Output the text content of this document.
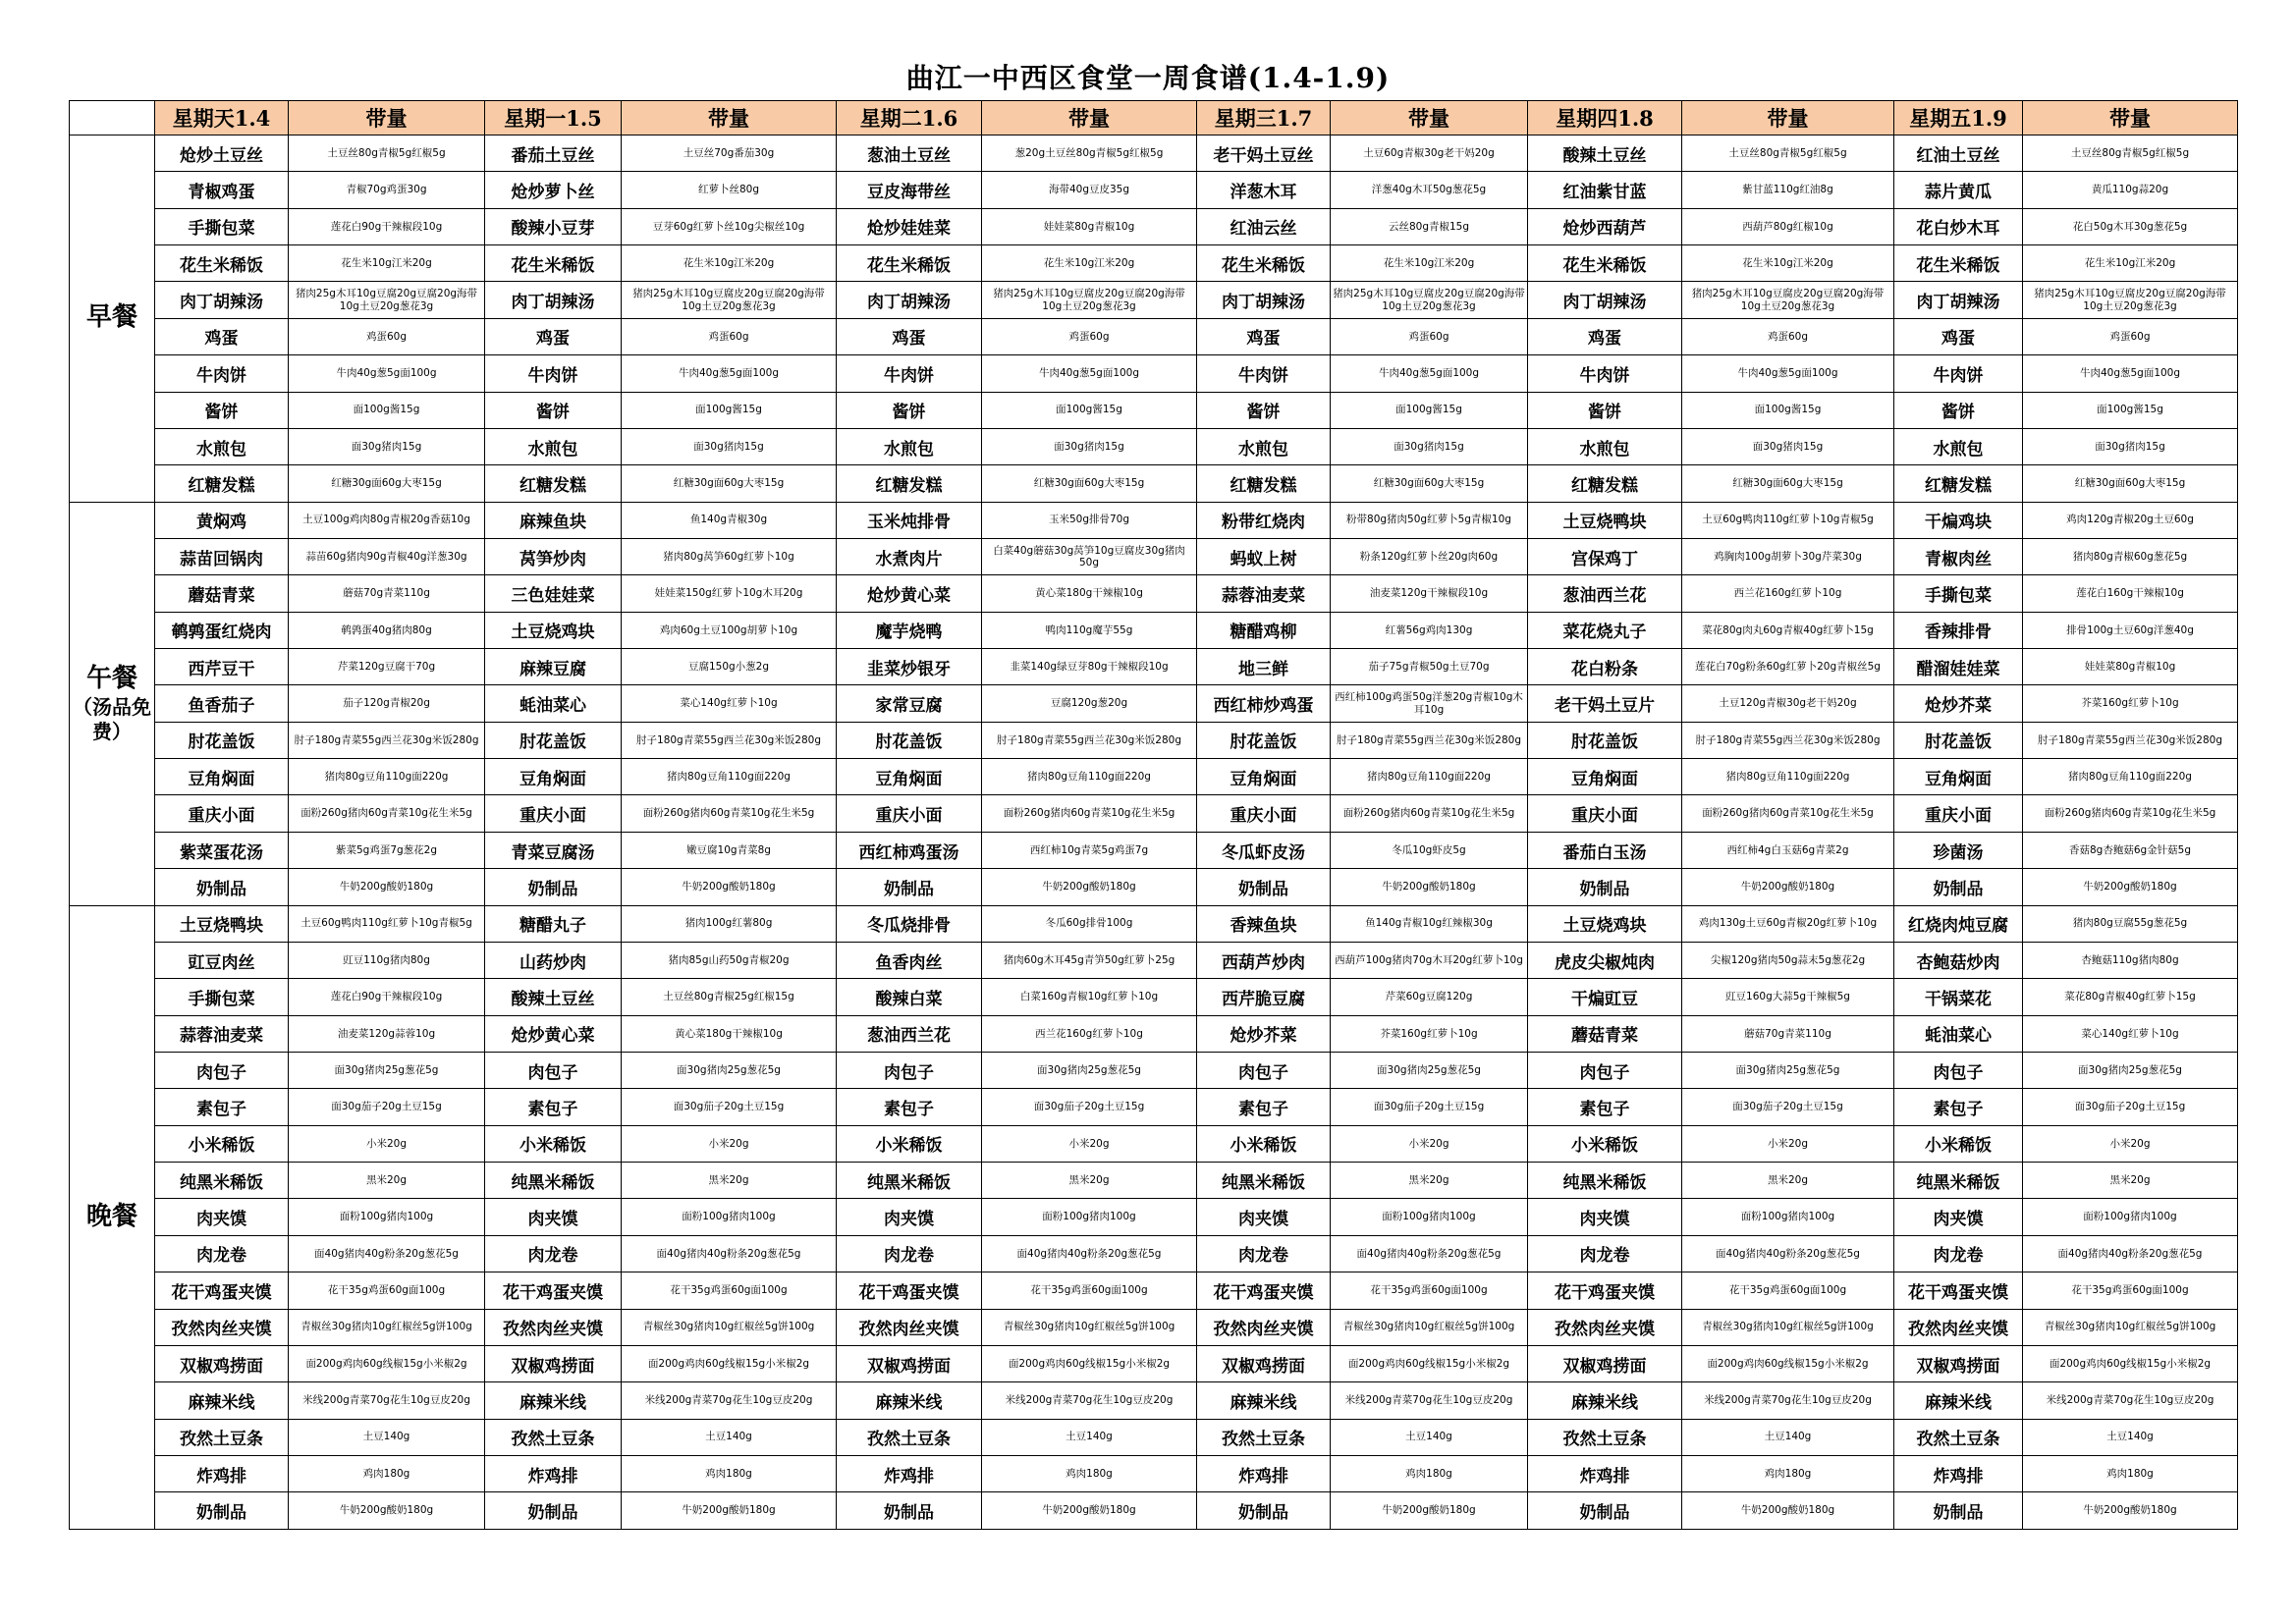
曲江一中西区食堂一周食谱(1.4-1.9)
	星期天1.4	带量	星期一1.5	带量	星期二1.6	带量	星期三1.7	带量	星期四1.8	带量	星期五1.9	带量
早餐	炝炒土豆丝	土豆丝80g青椒5g红椒5g	番茄土豆丝	土豆丝70g番茄30g	葱油土豆丝	葱20g土豆丝80g青椒5g红椒5g	老干妈土豆丝	土豆60g青椒30g老干妈20g	酸辣土豆丝	土豆丝80g青椒5g红椒5g	红油土豆丝	土豆丝80g青椒5g红椒5g
	青椒鸡蛋	青椒70g鸡蛋30g	炝炒萝卜丝	红萝卜丝80g	豆皮海带丝	海带40g豆皮35g	洋葱木耳	洋葱40g木耳50g葱花5g	红油紫甘蓝	紫甘蓝110g红油8g	蒜片黄瓜	黄瓜110g蒜20g
	手撕包菜	莲花白90g干辣椒段10g	酸辣小豆芽	豆芽60g红萝卜丝10g尖椒丝10g	炝炒娃娃菜	娃娃菜80g青椒10g	红油云丝	云丝80g青椒15g	炝炒西葫芦	西葫芦80g红椒10g	花白炒木耳	花白50g木耳30g葱花5g
	花生米稀饭	花生米10g江米20g	花生米稀饭	花生米10g江米20g	花生米稀饭	花生米10g江米20g	花生米稀饭	花生米10g江米20g	花生米稀饭	花生米10g江米20g	花生米稀饭	花生米10g江米20g
	肉丁胡辣汤	猪肉25g木耳10g豆腐20g豆腐20g海带10g土豆20g葱花3g	肉丁胡辣汤	猪肉25g木耳10g豆腐皮20g豆腐20g海带10g土豆20g葱花3g	肉丁胡辣汤	猪肉25g木耳10g豆腐皮20g豆腐20g海带10g土豆20g葱花3g	肉丁胡辣汤	猪肉25g木耳10g豆腐皮20g豆腐20g海带10g土豆20g葱花3g	肉丁胡辣汤	猪肉25g木耳10g豆腐皮20g豆腐20g海带10g土豆20g葱花3g	肉丁胡辣汤	猪肉25g木耳10g豆腐皮20g豆腐20g海带10g土豆20g葱花3g
	鸡蛋	鸡蛋60g	鸡蛋	鸡蛋60g	鸡蛋	鸡蛋60g	鸡蛋	鸡蛋60g	鸡蛋	鸡蛋60g	鸡蛋	鸡蛋60g
	牛肉饼	牛肉40g葱5g面100g	牛肉饼	牛肉40g葱5g面100g	牛肉饼	牛肉40g葱5g面100g	牛肉饼	牛肉40g葱5g面100g	牛肉饼	牛肉40g葱5g面100g	牛肉饼	牛肉40g葱5g面100g
	酱饼	面100g酱15g	酱饼	面100g酱15g	酱饼	面100g酱15g	酱饼	面100g酱15g	酱饼	面100g酱15g	酱饼	面100g酱15g
	水煎包	面30g猪肉15g	水煎包	面30g猪肉15g	水煎包	面30g猪肉15g	水煎包	面30g猪肉15g	水煎包	面30g猪肉15g	水煎包	面30g猪肉15g
	红糖发糕	红糖30g面60g大枣15g	红糖发糕	红糖30g面60g大枣15g	红糖发糕	红糖30g面60g大枣15g	红糖发糕	红糖30g面60g大枣15g	红糖发糕	红糖30g面60g大枣15g	红糖发糕	红糖30g面60g大枣15g
午餐
（汤品免费）	黄焖鸡	土豆100g鸡肉80g青椒20g香菇10g	麻辣鱼块	鱼140g青椒30g	玉米炖排骨	玉米50g排骨70g	粉带红烧肉	粉带80g猪肉50g红萝卜5g青椒10g	土豆烧鸭块	土豆60g鸭肉110g红萝卜10g青椒5g	干煸鸡块	鸡肉120g青椒20g土豆60g
	蒜苗回锅肉	蒜苗60g猪肉90g青椒40g洋葱30g	莴笋炒肉	猪肉80g莴笋60g红萝卜10g	水煮肉片	白菜40g蘑菇30g莴笋10g豆腐皮30g猪肉50g	蚂蚁上树	粉条120g红萝卜丝20g肉60g	宫保鸡丁	鸡胸肉100g胡萝卜30g芹菜30g	青椒肉丝	猪肉80g青椒60g葱花5g
	蘑菇青菜	蘑菇70g青菜110g	三色娃娃菜	娃娃菜150g红萝卜10g木耳20g	炝炒黄心菜	黄心菜180g干辣椒10g	蒜蓉油麦菜	油麦菜120g干辣椒段10g	葱油西兰花	西兰花160g红萝卜10g	手撕包菜	莲花白160g干辣椒10g
	鹌鹑蛋红烧肉	鹌鹑蛋40g猪肉80g	土豆烧鸡块	鸡肉60g土豆100g胡萝卜10g	魔芋烧鸭	鸭肉110g魔芋55g	糖醋鸡柳	红薯56g鸡肉130g	菜花烧丸子	菜花80g肉丸60g青椒40g红萝卜15g	香辣排骨	排骨100g土豆60g洋葱40g
	西芹豆干	芹菜120g豆腐干70g	麻辣豆腐	豆腐150g小葱2g	韭菜炒银牙	韭菜140g绿豆芽80g干辣椒段10g	地三鲜	茄子75g青椒50g土豆70g	花白粉条	莲花白70g粉条60g红萝卜20g青椒丝5g	醋溜娃娃菜	娃娃菜80g青椒10g
	鱼香茄子	茄子120g青椒20g	蚝油菜心	菜心140g红萝卜10g	家常豆腐	豆腐120g葱20g	西红柿炒鸡蛋	西红柿100g鸡蛋50g洋葱20g青椒10g木耳10g	老干妈土豆片	土豆120g青椒30g老干妈20g	炝炒芥菜	芥菜160g红萝卜10g
	肘花盖饭	肘子180g青菜55g西兰花30g米饭280g	肘花盖饭	肘子180g青菜55g西兰花30g米饭280g	肘花盖饭	肘子180g青菜55g西兰花30g米饭280g	肘花盖饭	肘子180g青菜55g西兰花30g米饭280g	肘花盖饭	肘子180g青菜55g西兰花30g米饭280g	肘花盖饭	肘子180g青菜55g西兰花30g米饭280g
	豆角焖面	猪肉80g豆角110g面220g	豆角焖面	猪肉80g豆角110g面220g	豆角焖面	猪肉80g豆角110g面220g	豆角焖面	猪肉80g豆角110g面220g	豆角焖面	猪肉80g豆角110g面220g	豆角焖面	猪肉80g豆角110g面220g
	重庆小面	面粉260g猪肉60g青菜10g花生米5g	重庆小面	面粉260g猪肉60g青菜10g花生米5g	重庆小面	面粉260g猪肉60g青菜10g花生米5g	重庆小面	面粉260g猪肉60g青菜10g花生米5g	重庆小面	面粉260g猪肉60g青菜10g花生米5g	重庆小面	面粉260g猪肉60g青菜10g花生米5g
	紫菜蛋花汤	紫菜5g鸡蛋7g葱花2g	青菜豆腐汤	嫩豆腐10g青菜8g	西红柿鸡蛋汤	西红柿10g青菜5g鸡蛋7g	冬瓜虾皮汤	冬瓜10g虾皮5g	番茄白玉汤	西红柿4g白玉菇6g青菜2g	珍菌汤	香菇8g杏鲍菇6g金针菇5g
	奶制品	牛奶200g酸奶180g	奶制品	牛奶200g酸奶180g	奶制品	牛奶200g酸奶180g	奶制品	牛奶200g酸奶180g	奶制品	牛奶200g酸奶180g	奶制品	牛奶200g酸奶180g
晚餐	土豆烧鸭块	土豆60g鸭肉110g红萝卜10g青椒5g	糖醋丸子	猪肉100g红薯80g	冬瓜烧排骨	冬瓜60g排骨100g	香辣鱼块	鱼140g青椒10g红辣椒30g	土豆烧鸡块	鸡肉130g土豆60g青椒20g红萝卜10g	红烧肉炖豆腐	猪肉80g豆腐55g葱花5g
	豇豆肉丝	豇豆110g猪肉80g	山药炒肉	猪肉85g山药50g青椒20g	鱼香肉丝	猪肉60g木耳45g青笋50g红萝卜25g	西葫芦炒肉	西葫芦100g猪肉70g木耳20g红萝卜10g	虎皮尖椒炖肉	尖椒120g猪肉50g蒜末5g葱花2g	杏鲍菇炒肉	杏鲍菇110g猪肉80g
	手撕包菜	莲花白90g干辣椒段10g	酸辣土豆丝	土豆丝80g青椒25g红椒15g	酸辣白菜	白菜160g青椒10g红萝卜10g	西芹脆豆腐	芹菜60g豆腐120g	干煸豇豆	豇豆160g大蒜5g干辣椒5g	干锅菜花	菜花80g青椒40g红萝卜15g
	蒜蓉油麦菜	油麦菜120g蒜蓉10g	炝炒黄心菜	黄心菜180g干辣椒10g	葱油西兰花	西兰花160g红萝卜10g	炝炒芥菜	芥菜160g红萝卜10g	蘑菇青菜	蘑菇70g青菜110g	蚝油菜心	菜心140g红萝卜10g
	肉包子	面30g猪肉25g葱花5g	肉包子	面30g猪肉25g葱花5g	肉包子	面30g猪肉25g葱花5g	肉包子	面30g猪肉25g葱花5g	肉包子	面30g猪肉25g葱花5g	肉包子	面30g猪肉25g葱花5g
	素包子	面30g茄子20g土豆15g	素包子	面30g茄子20g土豆15g	素包子	面30g茄子20g土豆15g	素包子	面30g茄子20g土豆15g	素包子	面30g茄子20g土豆15g	素包子	面30g茄子20g土豆15g
	小米稀饭	小米20g	小米稀饭	小米20g	小米稀饭	小米20g	小米稀饭	小米20g	小米稀饭	小米20g	小米稀饭	小米20g
	纯黑米稀饭	黑米20g	纯黑米稀饭	黑米20g	纯黑米稀饭	黑米20g	纯黑米稀饭	黑米20g	纯黑米稀饭	黑米20g	纯黑米稀饭	黑米20g
	肉夹馍	面粉100g猪肉100g	肉夹馍	面粉100g猪肉100g	肉夹馍	面粉100g猪肉100g	肉夹馍	面粉100g猪肉100g	肉夹馍	面粉100g猪肉100g	肉夹馍	面粉100g猪肉100g
	肉龙卷	面40g猪肉40g粉条20g葱花5g	肉龙卷	面40g猪肉40g粉条20g葱花5g	肉龙卷	面40g猪肉40g粉条20g葱花5g	肉龙卷	面40g猪肉40g粉条20g葱花5g	肉龙卷	面40g猪肉40g粉条20g葱花5g	肉龙卷	面40g猪肉40g粉条20g葱花5g
	花干鸡蛋夹馍	花干35g鸡蛋60g面100g	花干鸡蛋夹馍	花干35g鸡蛋60g面100g	花干鸡蛋夹馍	花干35g鸡蛋60g面100g	花干鸡蛋夹馍	花干35g鸡蛋60g面100g	花干鸡蛋夹馍	花干35g鸡蛋60g面100g	花干鸡蛋夹馍	花干35g鸡蛋60g面100g
	孜然肉丝夹馍	青椒丝30g猪肉10g红椒丝5g饼100g	孜然肉丝夹馍	青椒丝30g猪肉10g红椒丝5g饼100g	孜然肉丝夹馍	青椒丝30g猪肉10g红椒丝5g饼100g	孜然肉丝夹馍	青椒丝30g猪肉10g红椒丝5g饼100g	孜然肉丝夹馍	青椒丝30g猪肉10g红椒丝5g饼100g	孜然肉丝夹馍	青椒丝30g猪肉10g红椒丝5g饼100g
	双椒鸡捞面	面200g鸡肉60g线椒15g小米椒2g	双椒鸡捞面	面200g鸡肉60g线椒15g小米椒2g	双椒鸡捞面	面200g鸡肉60g线椒15g小米椒2g	双椒鸡捞面	面200g鸡肉60g线椒15g小米椒2g	双椒鸡捞面	面200g鸡肉60g线椒15g小米椒2g	双椒鸡捞面	面200g鸡肉60g线椒15g小米椒2g
	麻辣米线	米线200g青菜70g花生10g豆皮20g	麻辣米线	米线200g青菜70g花生10g豆皮20g	麻辣米线	米线200g青菜70g花生10g豆皮20g	麻辣米线	米线200g青菜70g花生10g豆皮20g	麻辣米线	米线200g青菜70g花生10g豆皮20g	麻辣米线	米线200g青菜70g花生10g豆皮20g
	孜然土豆条	土豆140g	孜然土豆条	土豆140g	孜然土豆条	土豆140g	孜然土豆条	土豆140g	孜然土豆条	土豆140g	孜然土豆条	土豆140g
	炸鸡排	鸡肉180g	炸鸡排	鸡肉180g	炸鸡排	鸡肉180g	炸鸡排	鸡肉180g	炸鸡排	鸡肉180g	炸鸡排	鸡肉180g
	奶制品	牛奶200g酸奶180g	奶制品	牛奶200g酸奶180g	奶制品	牛奶200g酸奶180g	奶制品	牛奶200g酸奶180g	奶制品	牛奶200g酸奶180g	奶制品	牛奶200g酸奶180g
